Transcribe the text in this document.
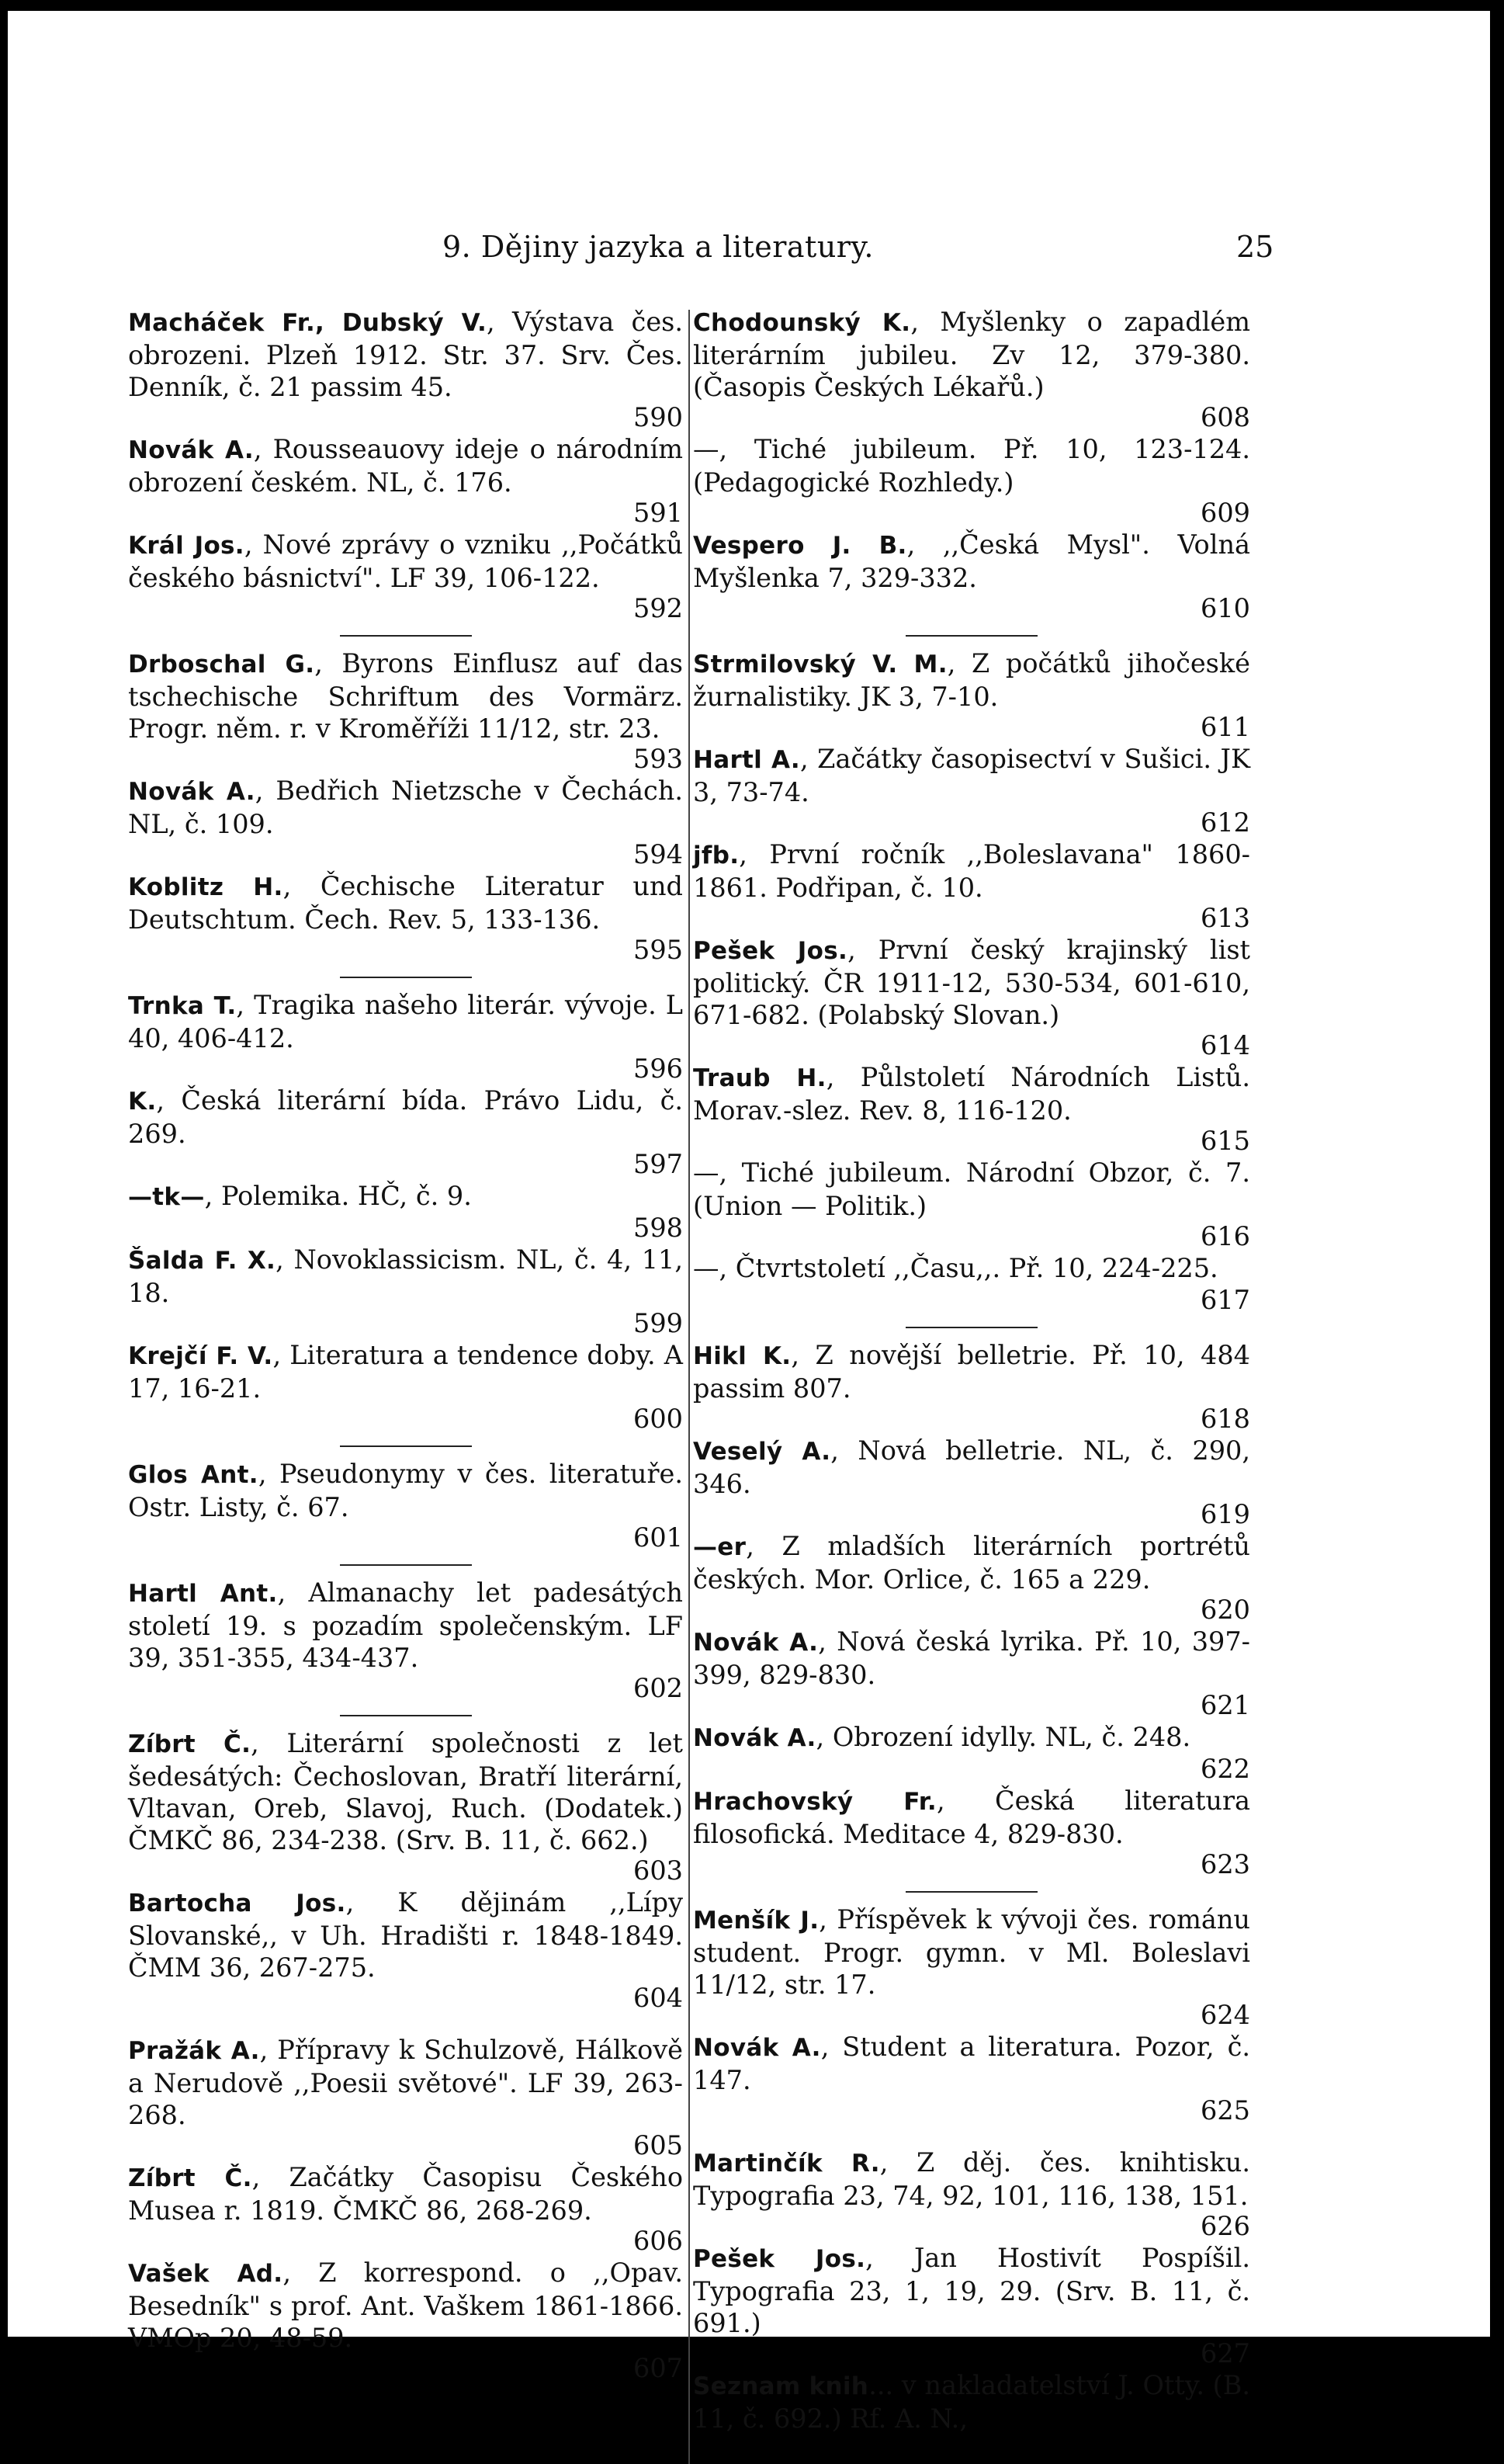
9. Dějiny jazyka a literatury.	25
Macháček Fr., Dubský V., Výstava čes. obrozeni. Plzeň 1912. Str. 37. Srv. Čes. Denník, č. 21 passim 45.
590
Novák A., Rousseauovy ideje o národním obrození českém. NL, č. 176.
591
Král Jos., Nové zprávy o vzniku ,,Počátků českého básnictví". LF 39, 106-122.
592
Drboschal G., Byrons Einflusz auf das tschechische Schriftum des Vormärz. Progr. něm. r. v Kroměříži 11/12, str. 23.
593
Novák A., Bedřich Nietzsche v Čechách. NL, č. 109.
594
Koblitz H., Čechische Literatur und Deutschtum. Čech. Rev. 5, 133-136.
595
Trnka T., Tragika našeho literár. vývoje. L 40, 406-412.
596
K., Česká literární bída. Právo Lidu, č. 269.
597
—tk—, Polemika. HČ, č. 9.
598
Šalda F. X., Novoklassicism. NL, č. 4, 11, 18.
599
Krejčí F. V., Literatura a tendence doby. A 17, 16-21.
600
Glos Ant., Pseudonymy v čes. literatuře. Ostr. Listy, č. 67.
601
Hartl Ant., Almanachy let padesátých století 19. s pozadím společenským. LF 39, 351-355, 434-437.
602
Zíbrt Č., Literární společnosti z let šedesátých: Čechoslovan, Bratří literární, Vltavan, Oreb, Slavoj, Ruch. (Dodatek.) ČMKČ 86, 234-238. (Srv. B. 11, č. 662.)
603
Bartocha Jos., K dějinám ,,Lípy Slovanské,, v Uh. Hradišti r. 1848-1849. ČMM 36, 267-275.
604
Pražák A., Přípravy k Schulzově, Hálkově a Nerudově ,,Poesii světové". LF 39, 263-268.
605
Zíbrt Č., Začátky Časopisu Českého Musea r. 1819. ČMKČ 86, 268-269.
606
Vašek Ad., Z korrespond. o ,,Opav. Besedník" s prof. Ant. Vaškem 1861-1866. VMOp 20, 48-59.
607
Chodounský K., Myšlenky o zapadlém literárním jubileu. Zv 12, 379-380. (Časopis Českých Lékařů.)
608
—, Tiché jubileum. Př. 10, 123-124. (Pedagogické Rozhledy.)
609
Vespero J. B., ,,Česká Mysl". Volná Myšlenka 7, 329-332.
610
Strmilovský V. M., Z počátků jihočeské žurnalistiky. JK 3, 7-10.
611
Hartl A., Začátky časopisectví v Sušici. JK 3, 73-74.
612
jfb., První ročník ,,Boleslavana" 1860-1861. Podřipan, č. 10.
613
Pešek Jos., První český krajinský list politický. ČR 1911-12, 530-534, 601-610, 671-682. (Polabský Slovan.)
614
Traub H., Půlstoletí Národních Listů. Morav.-slez. Rev. 8, 116-120.
615
—, Tiché jubileum. Národní Obzor, č. 7. (Union — Politik.)
616
—, Čtvrtstoletí ,,Času,,. Př. 10, 224-225.
617
Hikl K., Z novější belletrie. Př. 10, 484 passim 807.
618
Veselý A., Nová belletrie. NL, č. 290, 346.
619
—er, Z mladších literárních portrétů českých. Mor. Orlice, č. 165 a 229.
620
Novák A., Nová česká lyrika. Př. 10, 397-399, 829-830.
621
Novák A., Obrození idylly. NL, č. 248.
622
Hrachovský Fr., Česká literatura filosofická. Meditace 4, 829-830.
623
Menšík J., Příspěvek k vývoji čes. románu student. Progr. gymn. v Ml. Boleslavi 11/12, str. 17.
624
Novák A., Student a literatura. Pozor, č. 147.
625
Martinčík R., Z děj. čes. knihtisku. Typografia 23, 74, 92, 101, 116, 138, 151.
626
Pešek Jos., Jan Hostivít Pospíšil. Typografia 23, 1, 19, 29. (Srv. B. 11, č. 691.)
627
Seznam knih... v nakladatelství J. Otty. (B. 11, č. 692.) Rf. A. N.,
